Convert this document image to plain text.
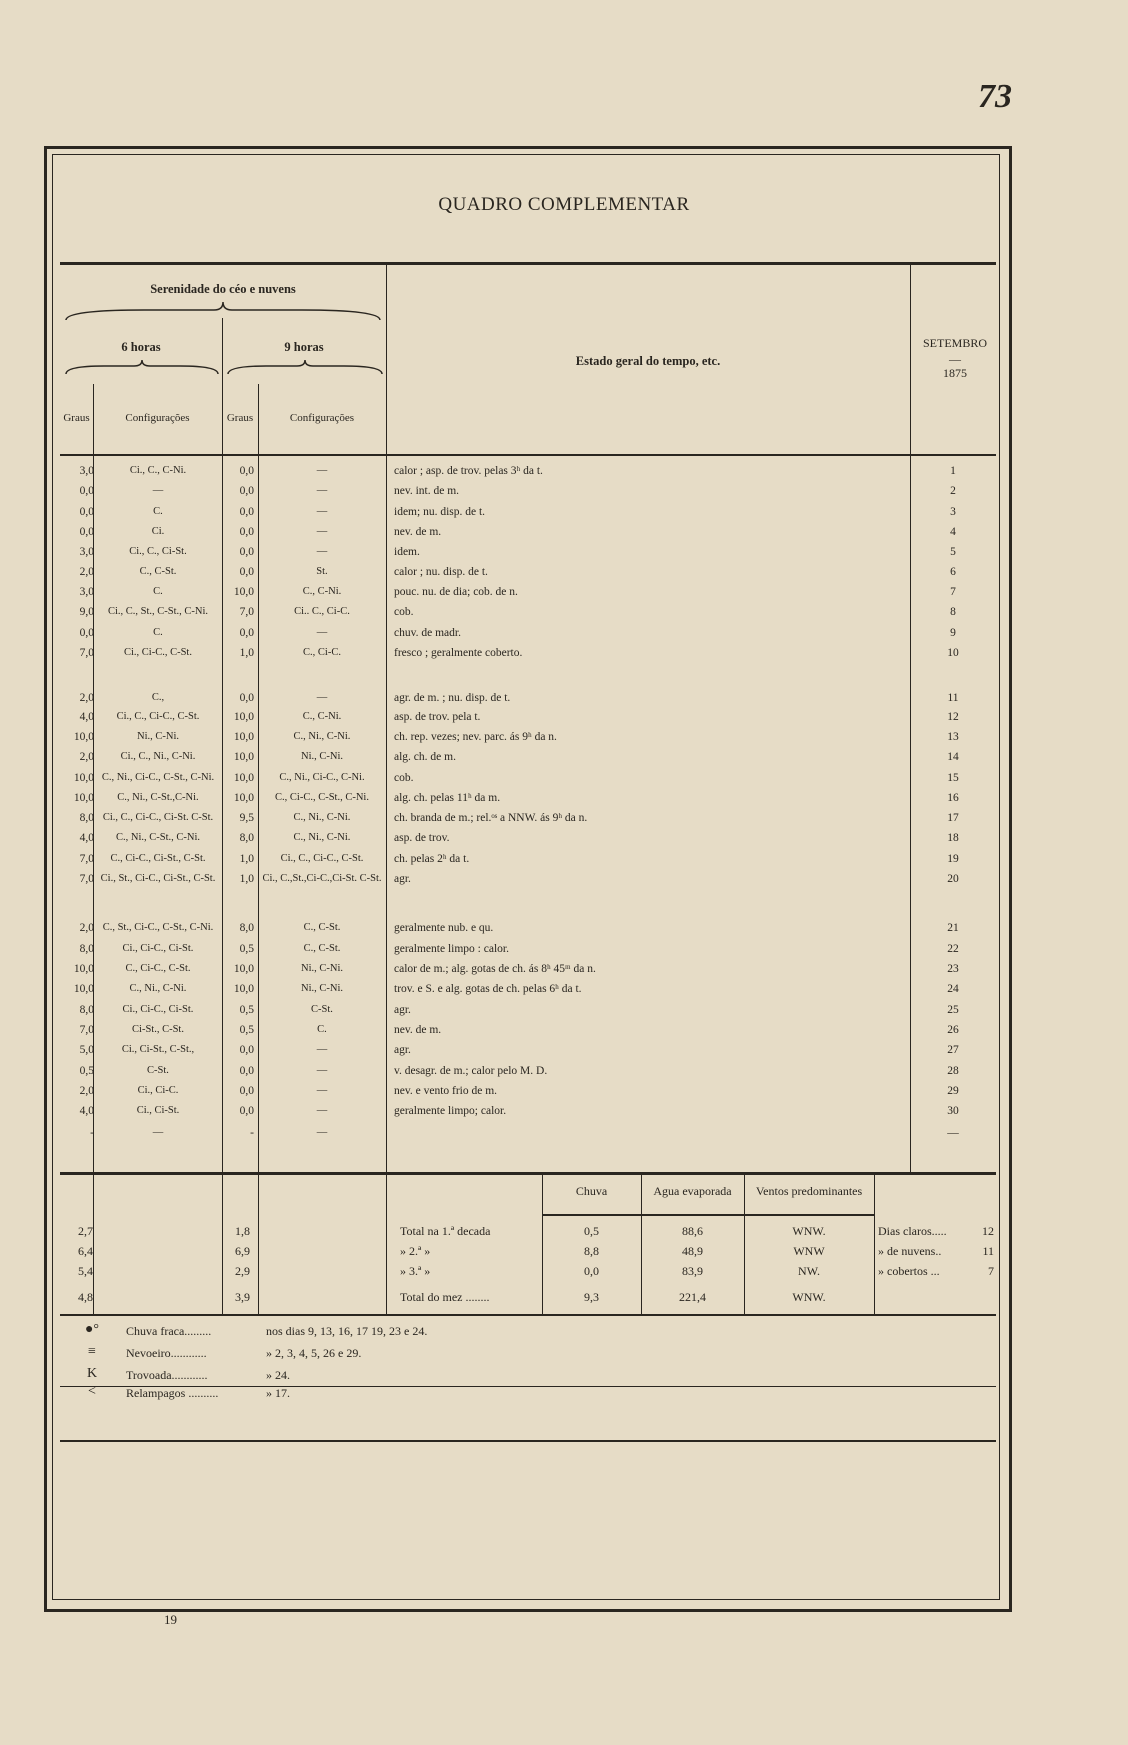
73
QUADRO COMPLEMENTAR
Serenidade do céo e nuvens
6 horas	9 horas
Graus	Configurações	Graus	Configurações
Estado geral do tempo, etc.
SETEMBRO
—
1875
3,0	Ci., C., C-Ni.	0,0	—	calor ; asp. de trov. pelas 3ʰ da t.	1
0,0	—	0,0	—	nev. int. de m.	2
0,0	C.	0,0	—	idem; nu. disp. de t.	3
0,0	Ci.	0,0	—	nev. de m.	4
3,0	Ci., C., Ci-St.	0,0	—	idem.	5
2,0	C., C-St.	0,0	St.	calor ; nu. disp. de t.	6
3,0	C.	10,0	C., C-Ni.	pouc. nu. de dia; cob. de n.	7
9,0	Ci., C., St., C-St., C-Ni.	7,0	Ci.. C., Ci-C.	cob.	8
0,0	C.	0,0	—	chuv. de madr.	9
7,0	Ci., Ci-C., C-St.	1,0	C., Ci-C.	fresco ; geralmente coberto.	10
2,0	C.,	0,0	—	agr. de m. ; nu. disp. de t.	11
4,0	Ci., C., Ci-C., C-St.	10,0	C., C-Ni.	asp. de trov. pela t.	12
10,0	Ni., C-Ni.	10,0	C., Ni., C-Ni.	ch. rep. vezes; nev. parc. ás 9ʰ da n.	13
2,0	Ci., C., Ni., C-Ni.	10,0	Ni., C-Ni.	alg. ch. de m.	14
10,0 C., Ni., Ci-C., C-St., C-Ni.	10,0	C., Ni., Ci-C., C-Ni.	cob.	15
10,0	C., Ni., C-St.,C-Ni.	10,0	C., Ci-C., C-St., C-Ni.	alg. ch. pelas 11ʰ da m.	16
8,0 Ci., C., Ci-C., Ci-St. C-St.	9,5	C., Ni., C-Ni.	ch. branda de m.; rel.ᵒˢ a NNW. ás 9ʰ da n.	17
4,0	C., Ni., C-St., C-Ni.	8,0	C., Ni., C-Ni.	asp. de trov.	18
7,0	C., Ci-C., Ci-St., C-St.	1,0	Ci., C., Ci-C., C-St.	ch. pelas 2ʰ da t.	19
7,0 Ci., St., Ci-C., Ci-St., C-St.	1,0 Ci., C.,St.,Ci-C.,Ci-St. C-St.	agr.	20
2,0 C., St., Ci-C., C-St., C-Ni.	8,0	C., C-St.	geralmente nub. e qu.	21
8,0	Ci., Ci-C., Ci-St.	0,5	C., C-St.	geralmente limpo : calor.	22
10,0	C., Ci-C., C-St.	10,0	Ni., C-Ni.	calor de m.; alg. gotas de ch. ás 8ʰ 45ᵐ da n.	23
10,0	C., Ni., C-Ni.	10,0	Ni., C-Ni.	trov. e S. e alg. gotas de ch. pelas 6ʰ da t.	24
8,0	Ci., Ci-C., Ci-St.	0,5	C-St.	agr.	25
7,0	Ci-St., C-St.	0,5	C.	nev. de m.	26
5,0	Ci., Ci-St., C-St.,	0,0	—	agr.	27
0,5	C-St.	0,0	—	v. desagr. de m.; calor pelo M. D.	28
2,0	Ci., Ci-C.	0,0	—	nev. e vento frio de m.	29
4,0	Ci., Ci-St.	0,0	—	geralmente limpo; calor.	30
-	—	-	—	—
Chuva	Agua evaporada	Ventos predominantes
2,7	1,8	Total na 1.ª decada	0,5	88,6	WNW.	Dias claros.....	12
6,4	6,9	» 2.ª »	8,8	48,9	WNW	» de nuvens..	11
5,4	2,9	» 3.ª »	0,0	83,9	NW.	» cobertos ...	7
4,8	3,9	Total do mez ........	9,3	221,4	WNW.
●°	Chuva fraca.........	nos dias 9, 13, 16, 17 19, 23 e 24.
≡	Nevoeiro............	» 2, 3, 4, 5, 26 e 29.
K	Trovoada............	» 24.
<	Relampagos ..........	» 17.
19
